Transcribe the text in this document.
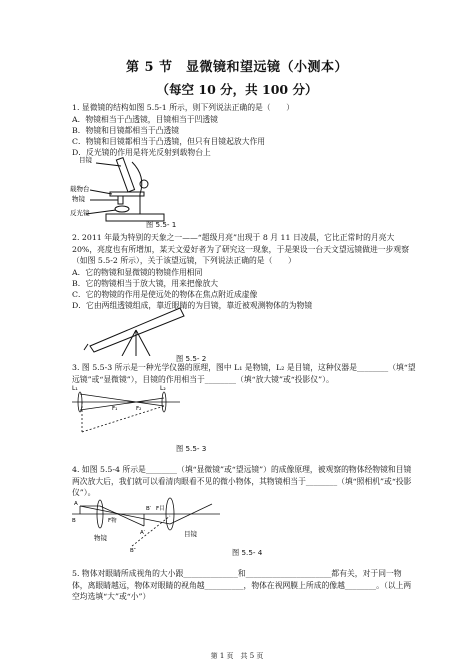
第 5 节　显微镜和望远镜（小测本）
（每空 10 分，共 100 分）

1. 显微镜的结构如图 5.5-1 所示，则下列说法正确的是（　　）

A．物镜相当于凸透镜，目镜相当于凹透镜

B．物镜和目镜都相当于凸透镜

C．物镜和目镜都相当于凸透镜，但只有目镜起放大作用

D．反光镜的作用是将光反射到载物台上

目镜
载物台
物镜
反光镜
图 5.5- 1

2. 2011 年最为特别的天象之一——“超级月亮”出现于 8 月 11 日凌晨，它比正常时的月亮大 20%，亮度也有所增加，某天文爱好者为了研究这一现象，于是架设一台天文望远镜做进一步观察（如图 5.5-2 所示），关于该望远镜，下列说法正确的是（　　）

A．它的物镜和显微镜的物镜作用相同

B．它的物镜相当于放大镜，用来把像放大

C．它的物镜的作用是使远处的物体在焦点附近成虚像

D．它由两组透镜组成，靠近眼睛的为目镜，靠近被观测物体的为物镜

图 5.5- 2

3. 图 5.5-3 所示是一种光学仪器的原理，图中 L₁ 是物镜，L₂ 是目镜，这种仪器是________（填“望远镜”或“显微镜”），目镜的作用相当于________（填“放大镜”或“投影仪”）。

L₁	L₂
F₁	F₂
图 5.5- 3

4. 如图 5.5-4 所示是________（填“显微镜”或“望远镜”）的成像原理，被观察的物体经物镜和目镜两次放大后，我们就可以看清肉眼看不见的微小物体，其物镜相当于________（填“照相机”或“投影仪”）。

A
B	F物
F目
A′
B′
B″
物镜	目镜
图 5.5- 4

5. 物体对眼睛所成视角的大小跟______________和______________________都有关，对于同一物体，离眼睛越远，物体对眼睛的视角越__________，物体在视网膜上所成的像越________。（以上两空均选填“大”或“小”）

第 1 页　共 5 页
